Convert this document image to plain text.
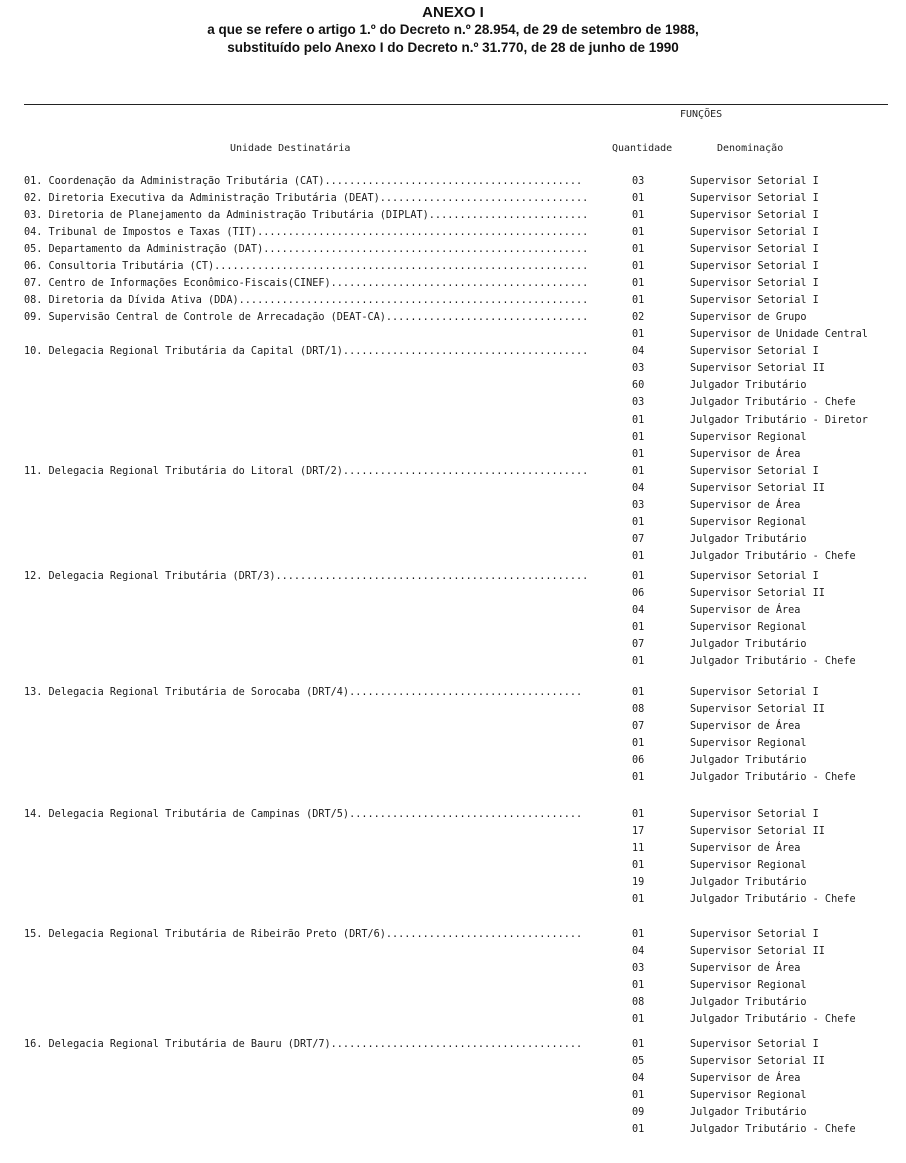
ANEXO I
a que se refere o artigo 1.º do Decreto n.º 28.954, de 29 de setembro de 1988,
substituído pelo Anexo I do Decreto n.º 31.770, de 28 de junho de 1990
FUNÇÕES
Unidade Destinatária	Quantidade	Denominação
01. Coordenação da Administração Tributária (CAT)..........................................	03	Supervisor Setorial I
02. Diretoria Executiva da Administração Tributária (DEAT)..................................	01	Supervisor Setorial I
03. Diretoria de Planejamento da Administração Tributária (DIPLAT)..........................	01	Supervisor Setorial I
04. Tribunal de Impostos e Taxas (TIT)......................................................	01	Supervisor Setorial I
05. Departamento da Administração (DAT).....................................................	01	Supervisor Setorial I
06. Consultoria Tributária (CT).............................................................	01	Supervisor Setorial I
07. Centro de Informações Econômico-Fiscais(CINEF)..........................................	01	Supervisor Setorial I
08. Diretoria da Dívida Ativa (DDA).........................................................	01	Supervisor Setorial I
09. Supervisão Central de Controle de Arrecadação (DEAT-CA).................................	02	Supervisor de Grupo
01	Supervisor de Unidade Central
10. Delegacia Regional Tributária da Capital (DRT/1)........................................	04	Supervisor Setorial I
03	Supervisor Setorial II
60	Julgador Tributário
03	Julgador Tributário - Chefe
01	Julgador Tributário - Diretor
01	Supervisor Regional
01	Supervisor de Área
11. Delegacia Regional Tributária do Litoral (DRT/2)........................................	01	Supervisor Setorial I
04	Supervisor Setorial II
03	Supervisor de Área
01	Supervisor Regional
07	Julgador Tributário
01	Julgador Tributário - Chefe
12. Delegacia Regional Tributária (DRT/3)...................................................	01	Supervisor Setorial I
06	Supervisor Setorial II
04	Supervisor de Área
01	Supervisor Regional
07	Julgador Tributário
01	Julgador Tributário - Chefe
13. Delegacia Regional Tributária de Sorocaba (DRT/4)......................................	01	Supervisor Setorial I
08	Supervisor Setorial II
07	Supervisor de Área
01	Supervisor Regional
06	Julgador Tributário
01	Julgador Tributário - Chefe
14. Delegacia Regional Tributária de Campinas (DRT/5)......................................	01	Supervisor Setorial I
17	Supervisor Setorial II
11	Supervisor de Área
01	Supervisor Regional
19	Julgador Tributário
01	Julgador Tributário - Chefe
15. Delegacia Regional Tributária de Ribeirão Preto (DRT/6)................................	01	Supervisor Setorial I
04	Supervisor Setorial II
03	Supervisor de Área
01	Supervisor Regional
08	Julgador Tributário
01	Julgador Tributário - Chefe
16. Delegacia Regional Tributária de Bauru (DRT/7).........................................	01	Supervisor Setorial I
05	Supervisor Setorial II
04	Supervisor de Área
01	Supervisor Regional
09	Julgador Tributário
01	Julgador Tributário - Chefe
